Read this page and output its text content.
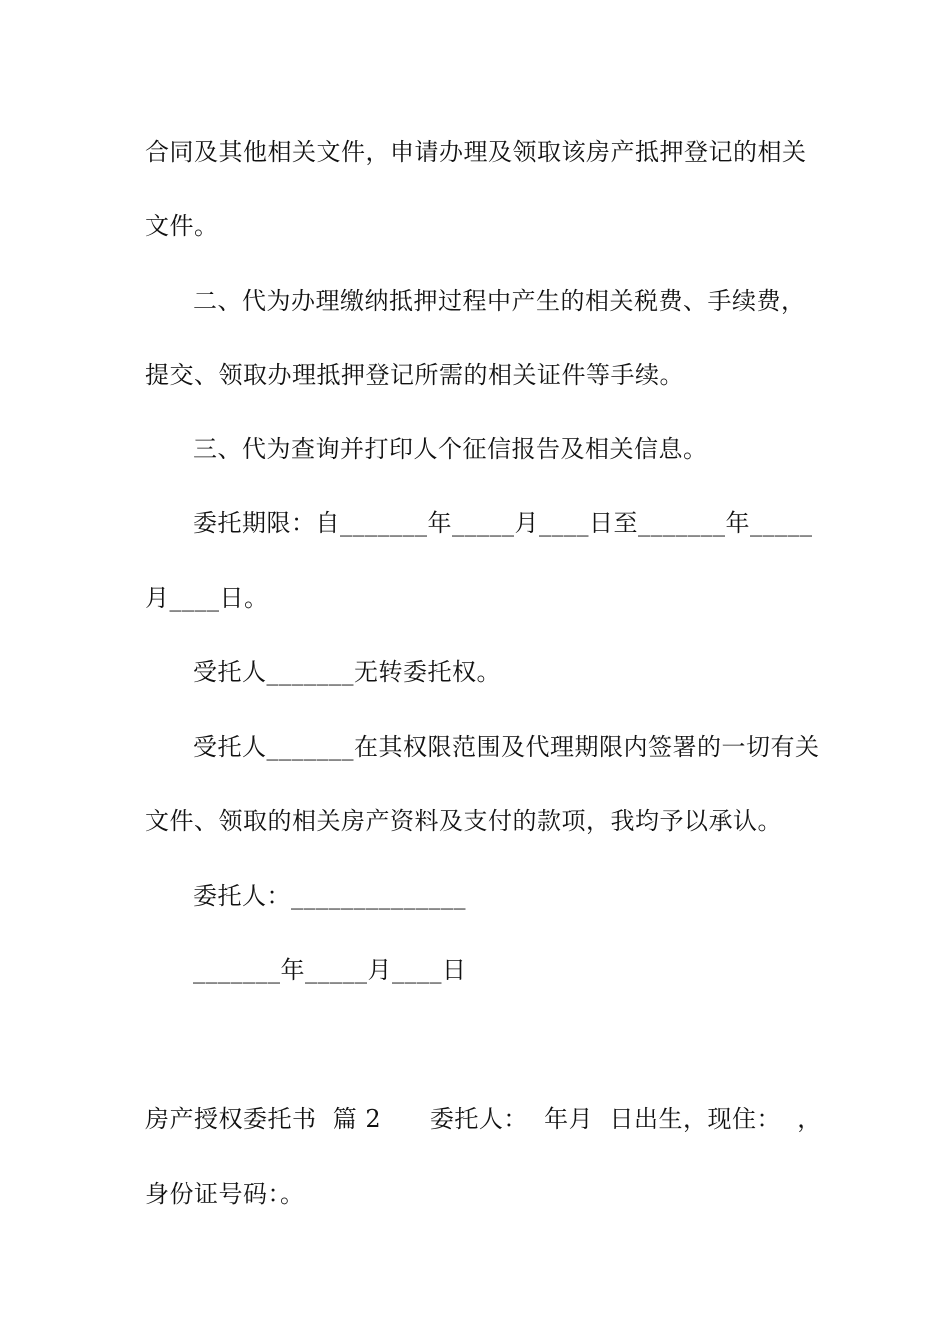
合同及其他相关文件，申请办理及领取该房产抵押登记的相关
文件。
二、代为办理缴纳抵押过程中产生的相关税费、手续费，
提交、领取办理抵押登记所需的相关证件等手续。
三、代为查询并打印人个征信报告及相关信息。
委托期限：自_______年_____月____日至_______年_____
月____日。
受托人_______无转委托权。
受托人_______在其权限范围及代理期限内签署的一切有关
文件、领取的相关房产资料及支付的款项，我均予以承认。
委托人：______________
_______年_____月____日
房产授权委托书  篇 2      委托人：  年月  日出生，现住：  ，
身份证号码：。
